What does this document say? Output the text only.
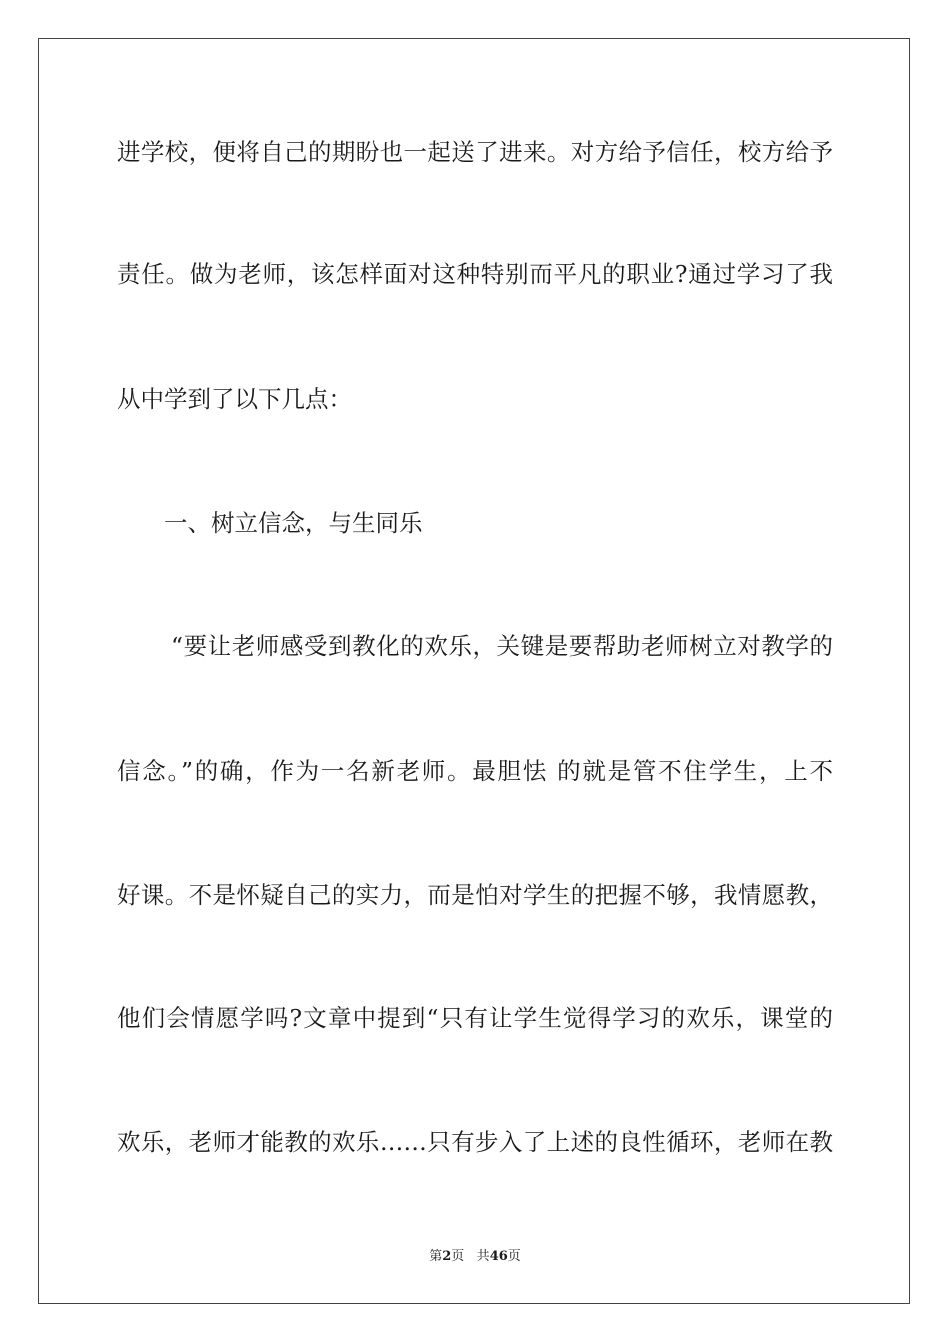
进学校，便将自己的期盼也一起送了进来。对方给予信任，校方给予
责任。做为老师，该怎样面对这种特别而平凡的职业?通过学习了我
从中学到了以下几点：
一、树立信念，与生同乐
“要让老师感受到教化的欢乐，关键是要帮助老师树立对教学的
信念。”的确，作为一名新老师。最胆怯 的就是管不住学生，上不
好课。不是怀疑自己的实力，而是怕对学生的把握不够，我情愿教，
他们会情愿学吗?文章中提到“只有让学生觉得学习的欢乐，课堂的
欢乐，老师才能教的欢乐……只有步入了上述的良性循环，老师在教
第2页 共46页
